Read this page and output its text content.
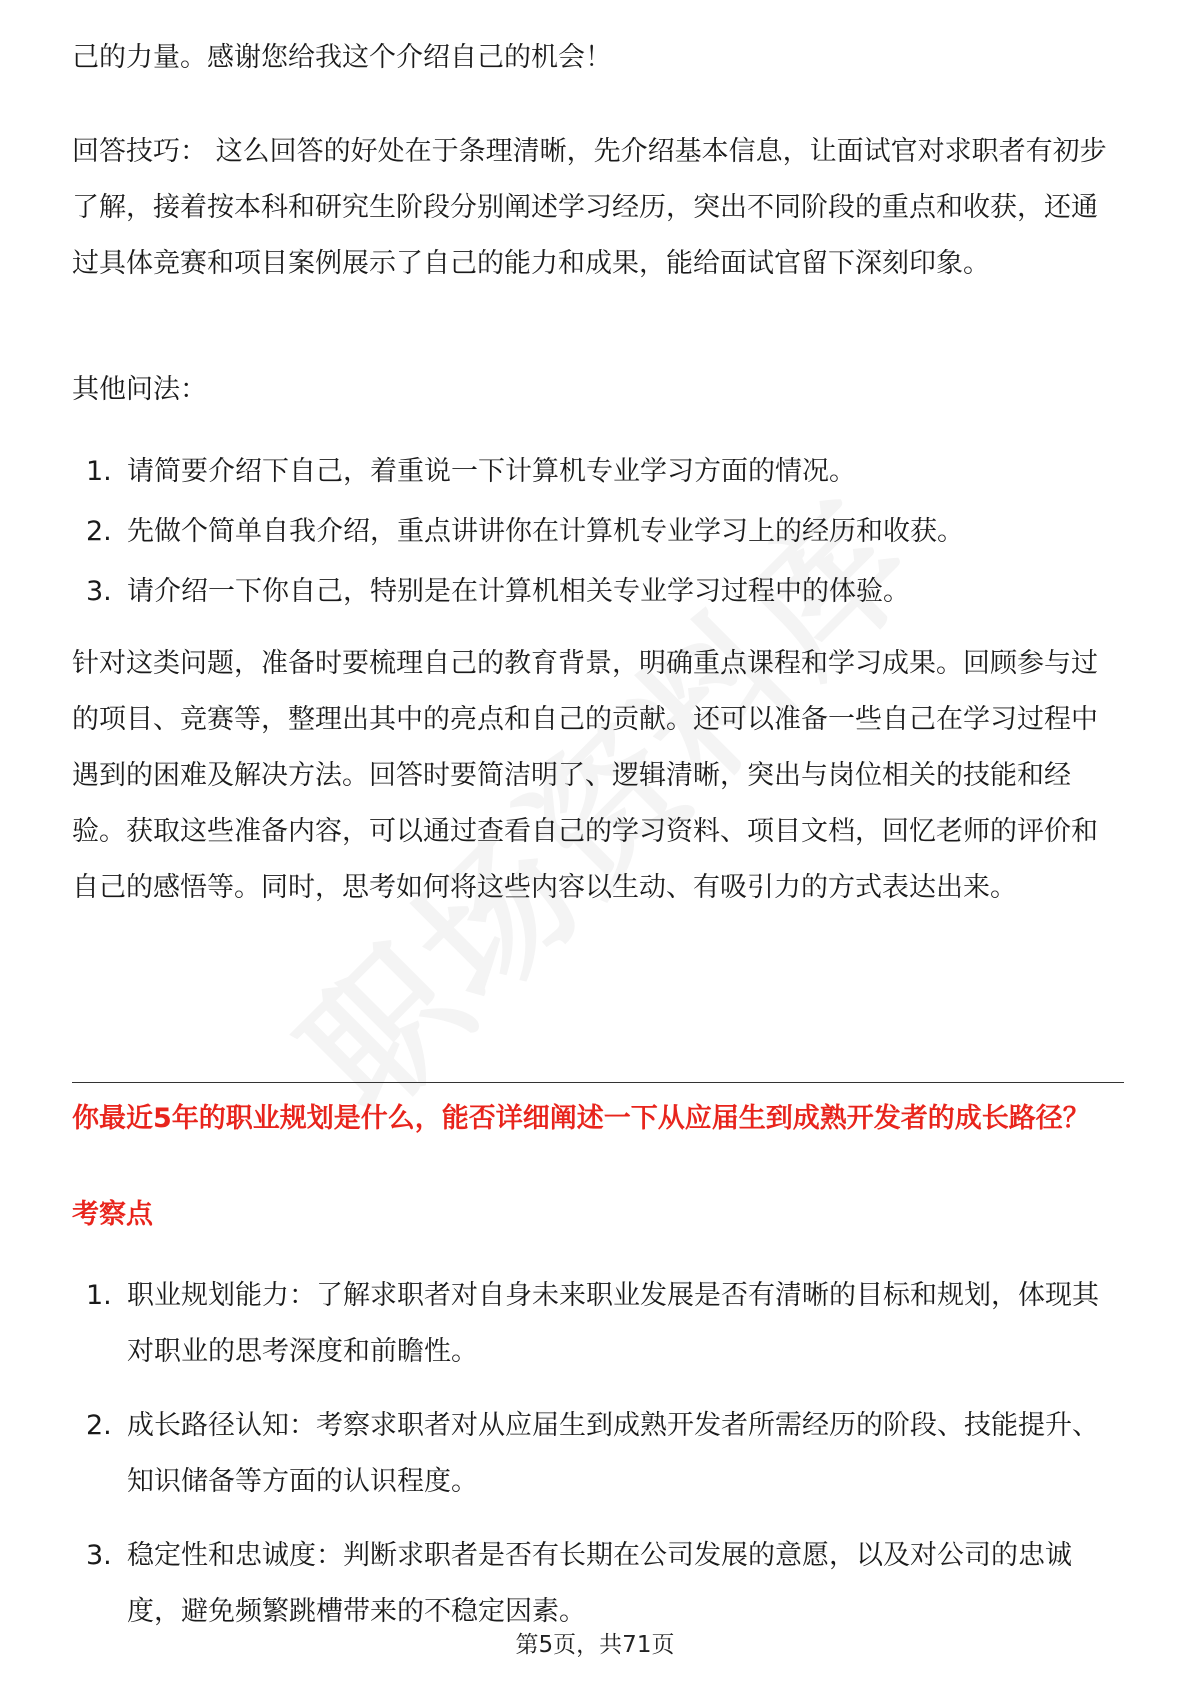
己的力量。感谢您给我这个介绍自己的机会！

回答技巧： 这么回答的好处在于条理清晰，先介绍基本信息，让面试官对求职者有初步了解，接着按本科和研究生阶段分别阐述学习经历，突出不同阶段的重点和收获，还通过具体竞赛和项目案例展示了自己的能力和成果，能给面试官留下深刻印象。

其他问法：

1. 请简要介绍下自己，着重说一下计算机专业学习方面的情况。
2. 先做个简单自我介绍，重点讲讲你在计算机专业学习上的经历和收获。
3. 请介绍一下你自己，特别是在计算机相关专业学习过程中的体验。

针对这类问题，准备时要梳理自己的教育背景，明确重点课程和学习成果。回顾参与过的项目、竞赛等，整理出其中的亮点和自己的贡献。还可以准备一些自己在学习过程中遇到的困难及解决方法。回答时要简洁明了、逻辑清晰，突出与岗位相关的技能和经验。获取这些准备内容，可以通过查看自己的学习资料、项目文档，回忆老师的评价和自己的感悟等。同时，思考如何将这些内容以生动、有吸引力的方式表达出来。

你最近5年的职业规划是什么，能否详细阐述一下从应届生到成熟开发者的成长路径？

考察点

1. 职业规划能力：了解求职者对自身未来职业发展是否有清晰的目标和规划，体现其对职业的思考深度和前瞻性。
2. 成长路径认知：考察求职者对从应届生到成熟开发者所需经历的阶段、技能提升、知识储备等方面的认识程度。
3. 稳定性和忠诚度：判断求职者是否有长期在公司发展的意愿，以及对公司的忠诚度，避免频繁跳槽带来的不稳定因素。
第5页，共71页
